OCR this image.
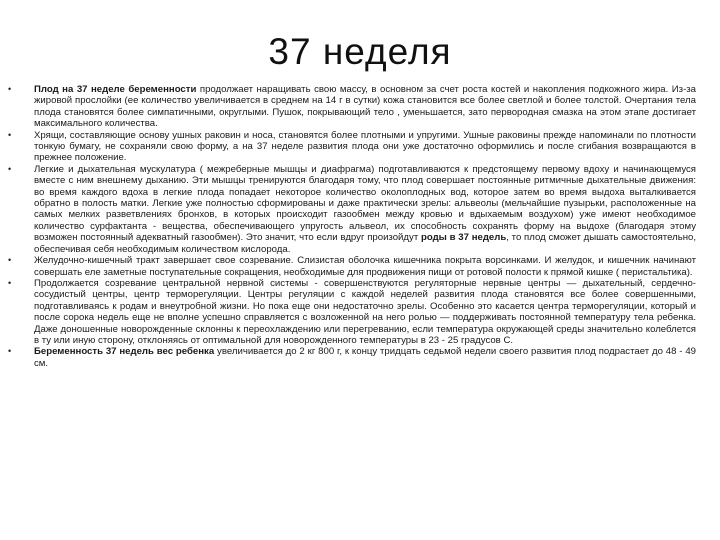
37 неделя
•	Плод на 37 неделе беременности продолжает наращивать свою массу, в основном за счет роста костей и накопления подкожного жира. Из-за жировой прослойки (ее количество увеличивается в среднем на 14 г в сутки) кожа становится все более светлой и более толстой. Очертания тела плода становятся более симпатичными, округлыми. Пушок, покрывающий тело , уменьшается, зато первородная смазка на этом этапе достигает максимального количества.
•	Хрящи, составляющие основу ушных раковин и носа, становятся более плотными и упругими. Ушные раковины прежде напоминали по плотности тонкую бумагу, не сохраняли свою форму, а на 37 неделе развития плода они уже достаточно оформились и после сгибания возвращаются в прежнее положение.
•	Легкие и дыхательная мускулатура ( межреберные мышцы и диафрагма) подготавливаются к предстоящему первому вдоху и начинающемуся вместе с ним внешнему дыханию. Эти мышцы тренируются благодаря тому, что плод совершает постоянные ритмичные дыхательные движения: во время каждого вдоха в легкие плода попадает некоторое количество околоплодных вод, которое затем во время выдоха выталкивается обратно в полость матки. Легкие уже полностью сформированы и даже практически зрелы: альвеолы (мельчайшие пузырьки, расположенные на самых мелких разветвлениях бронхов, в которых происходит газообмен между кровью и вдыхаемым воздухом) уже имеют необходимое количество сурфактанта - вещества, обеспечивающего упругость альвеол, их способность сохранять форму на выдохе (благодаря этому возможен постоянный адекватный газообмен). Это значит, что если вдруг произойдут роды в 37 недель, то плод сможет дышать самостоятельно, обеспечивая себя необходимым количеством кислорода.
•	Желудочно-кишечный тракт завершает свое созревание. Слизистая оболочка кишечника покрыта ворсинками. И желудок, и кишечник начинают совершать еле заметные поступательные сокращения, необходимые для продвижения пищи от ротовой полости к прямой кишке ( перистальтика).
•	Продолжается созревание центральной нервной системы - совершенствуются регуляторные нервные центры — дыхательный, сердечно-сосудистый центры, центр терморегуляции. Центры регуляции с каждой неделей развития плода становятся все более совершенными, подготавливаясь к родам и внеутробной жизни. Но пока еще они недостаточно зрелы. Особенно это касается центра терморегуляции, который и после сорока недель еще не вполне успешно справляется с возложенной на него ролью — поддерживать постоянной температуру тела ребенка. Даже доношенные новорожденные склонны к переохлаждению или перегреванию, если температура окружающей среды значительно колеблется в ту или иную сторону, отклоняясь от оптимальной для новорожденного температуры в 23 - 25 градусов С.
•	Беременность 37 недель вес ребенка увеличивается до 2 кг 800 г, к концу тридцать седьмой недели своего развития плод подрастает до 48 - 49 см.
